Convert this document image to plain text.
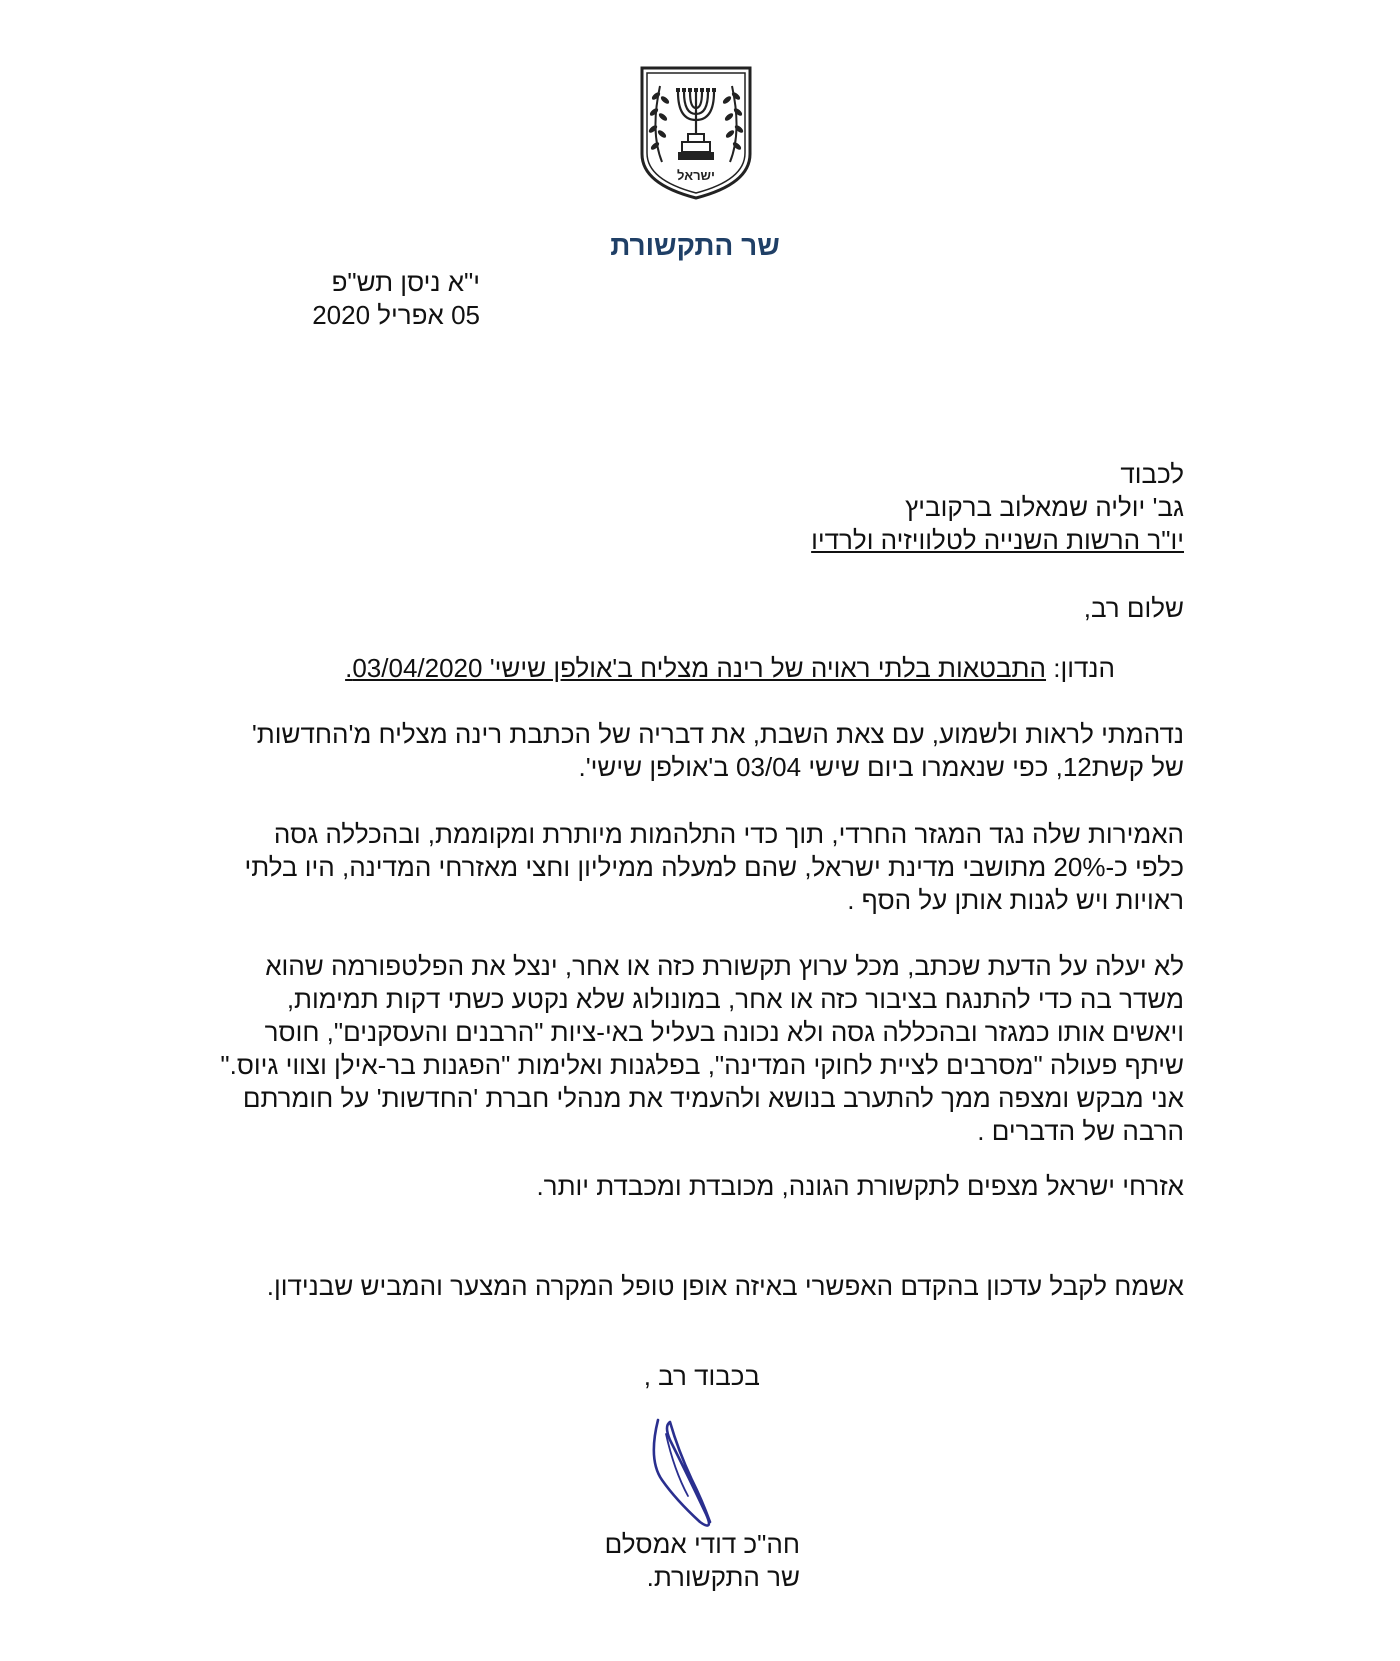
ישראל
שר התקשורת
י"א ניסן תש"פ
05 אפריל 2020
לכבוד
גב' יוליה שמאלוב ברקוביץ
יו"ר הרשות השנייה לטלוויזיה ולרדיו
שלום רב,
הנדון: התבטאות בלתי ראויה של רינה מצליח ב'אולפן שישי' 03/04/2020.
נדהמתי לראות ולשמוע, עם צאת השבת, את דבריה של הכתבת רינה מצליח מ'החדשות'
של קשת12, כפי שנאמרו ביום שישי 03/04 ב'אולפן שישי'.
האמירות שלה נגד המגזר החרדי, תוך כדי התלהמות מיותרת ומקוממת, ובהכללה גסה
כלפי כ-20% מתושבי מדינת ישראל, שהם למעלה ממיליון וחצי מאזרחי המדינה, היו בלתי
ראויות ויש לגנות אותן על הסף .
לא יעלה על הדעת שכתב, מכל ערוץ תקשורת כזה או אחר, ינצל את הפלטפורמה שהוא
משדר בה כדי להתנגח בציבור כזה או אחר, במונולוג שלא נקטע כשתי דקות תמימות,
ויאשים אותו כמגזר ובהכללה גסה ולא נכונה בעליל באי-ציות "הרבנים והעסקנים", חוסר
שיתף פעולה "מסרבים לציית לחוקי המדינה", בפלגנות ואלימות "הפגנות בר-אילן וצווי גיוס."
אני מבקש ומצפה ממך להתערב בנושא ולהעמיד את מנהלי חברת 'החדשות' על חומרתם
הרבה של הדברים .
אזרחי ישראל מצפים לתקשורת הגונה, מכובדת ומכבדת יותר.
אשמח לקבל עדכון בהקדם האפשרי באיזה אופן טופל המקרה המצער והמביש שבנידון.
בכבוד רב ,
חה"כ דודי אמסלם
שר התקשורת.
